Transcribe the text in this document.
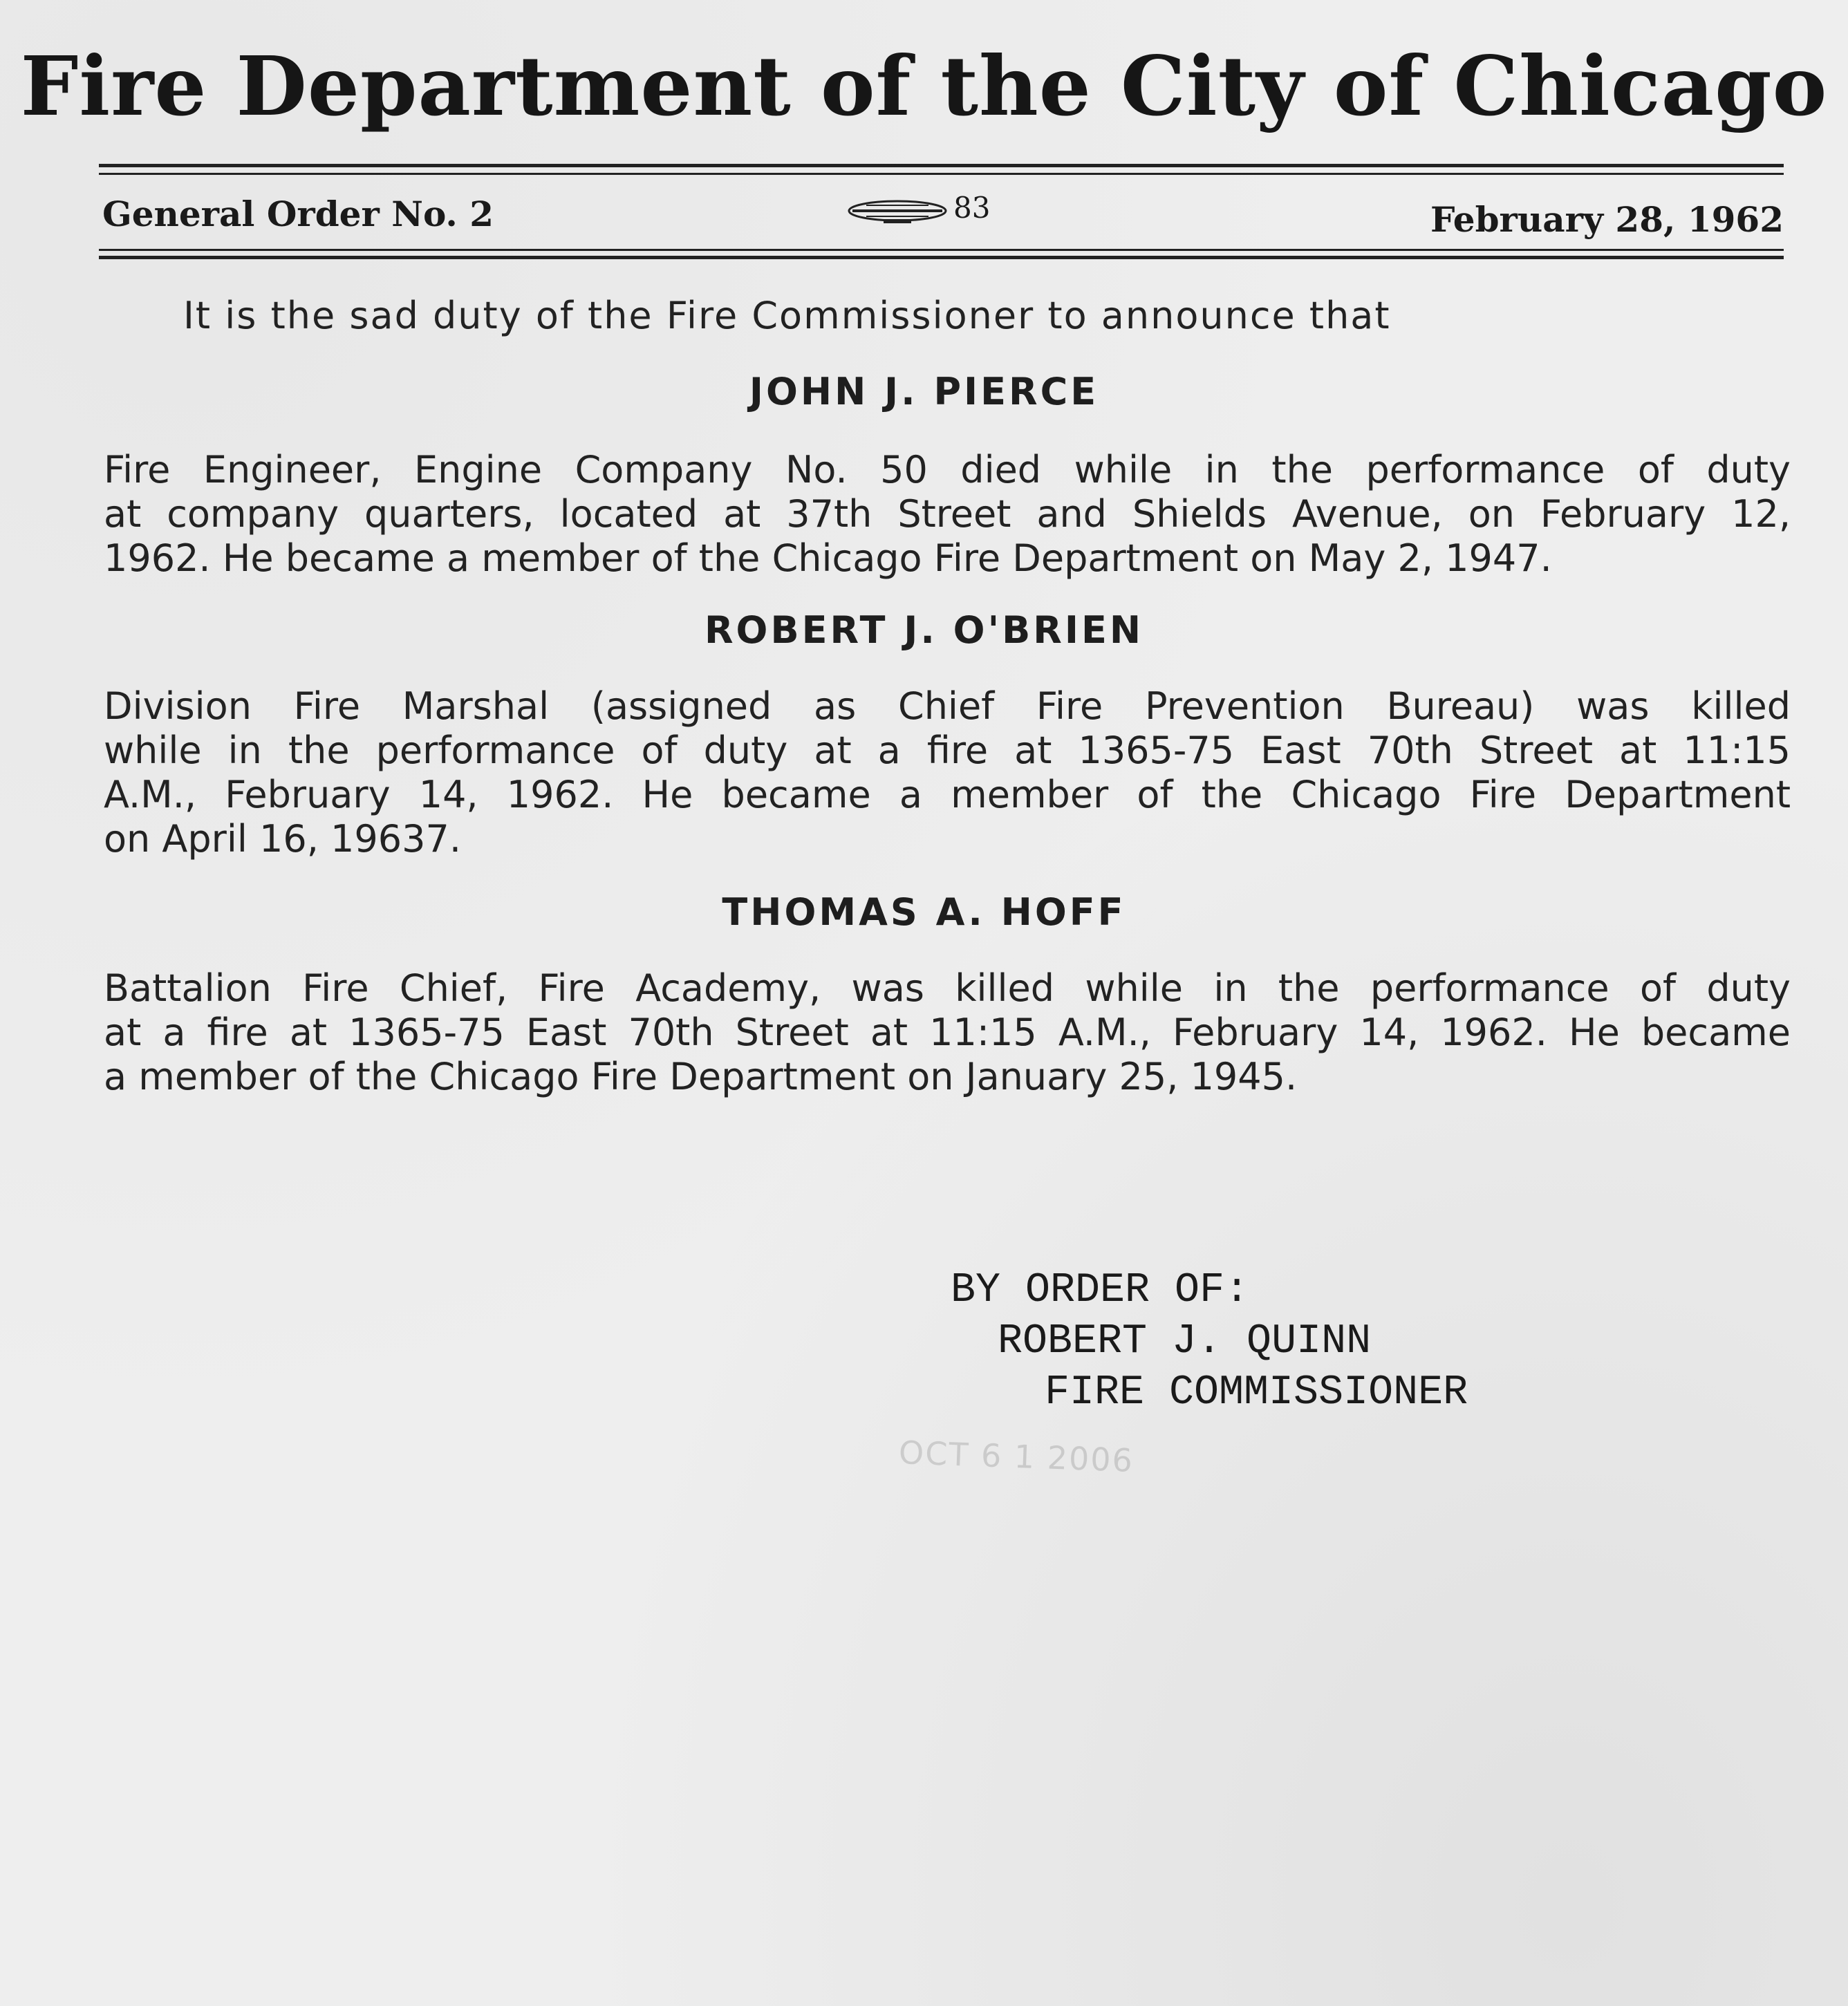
Fire Department of the City of Chicago
General Order No. 2	83	February 28, 1962
It is the sad duty of the Fire Commissioner to announce that
JOHN J. PIERCE
Fire Engineer, Engine Company No. 50 died while in the performance of duty
at company quarters, located at 37th Street and Shields Avenue, on February 12,
1962. He became a member of the Chicago Fire Department on May 2, 1947.
ROBERT J. O'BRIEN
Division Fire Marshal (assigned as Chief Fire Prevention Bureau) was killed
while in the performance of duty at a fire at 1365-75 East 70th Street at 11:15
A.M., February 14, 1962. He became a member of the Chicago Fire Department
on April 16, 19637.
THOMAS A. HOFF
Battalion Fire Chief, Fire Academy, was killed while in the performance of duty
at a fire at 1365-75 East 70th Street at 11:15 A.M., February 14, 1962. He became
a member of the Chicago Fire Department on January 25, 1945.
BY ORDER OF:
ROBERT J. QUINN
FIRE COMMISSIONER
OCT 6 1 2006
